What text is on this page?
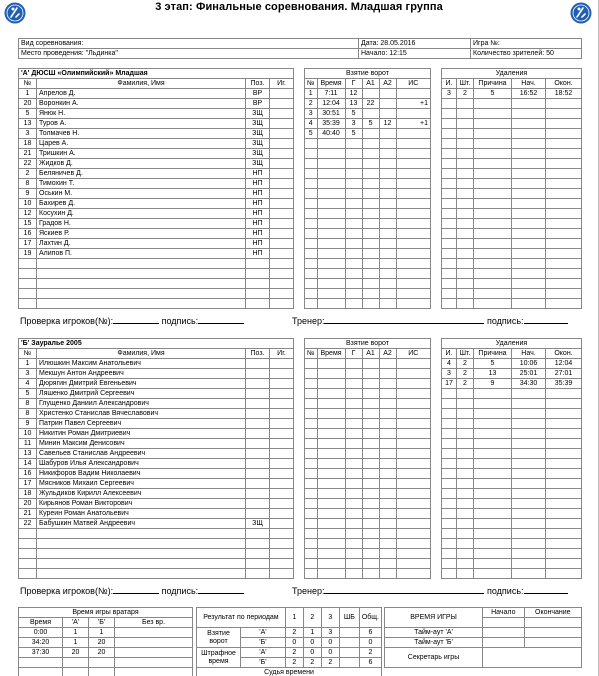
3 этап: Финальные соревнования. Младшая группа
Вид соревнования:	Дата: 28.05.2016	Игра №:
Место проведения: "Льдинка"	Начало: 12:15	Количество зрителей: 50
'А' ДЮСШ «Олимпийский» Младшая			
№	Фамилия, Имя	Поз.	Иг.
1	Апрелов Д.	ВР	
20	Воронкин А.	ВР	
5	Янюк Н.	ЗЩ	
13	Туров А.	ЗЩ	
3	Толмачев Н.	ЗЩ	
18	Царев А.	ЗЩ	
21	Тришкин А.	ЗЩ	
22	Жидков Д.	ЗЩ	
2	Беляничев Д.	НП	
8	Тимохин Т.	НП	
9	Оськин М.	НП	
10	Бахирев Д.	НП	
12	Косухин Д.	НП	
15	Градов Н.	НП	
16	Яскиев Р.	НП	
17	Лахтин Д.	НП	
19	Алипов П.	НП	

Взятие ворот					
№	Время	Г	А1	А2	ИС
1	7:11	12			
2	12:04	13	22		+1
3	30:51	5			
4	35:39	3	5	12	+1
5	40:40	5			

Удаления				
И.	Шт.	Причина	Нач.	Окон.
3	2	5	16:52	18:52

Проверка игроков(№):	подпись:	Тренер:	подпись:
'Б' Зауралье 2005			
№	Фамилия, Имя	Поз.	Иг.
1	Илюшкин Максим Анатольевич		
3	Мекшун Антон Андреевич		
4	Дюрягин Дмитрий Евгеньевич		
5	Ляшенко Дмитрий Сергеевич		
8	Глущенко Даниил Александрович		
8	Христенко Станислав Вячеславович		
9	Патрин Павел Сергеевич		
10	Никитин Роман Дмитриевич		
11	Минин Максим Денисович		
13	Савельев Станислав Андреевич		
14	Шабуров Илья Александрович		
16	Никифоров Вадим Николаевич		
17	Мясников Михаил Сергеевич		
18	Жульдиков Кирилл Алексеевич		
20	Кирьянов Роман Викторович		
21	Куреин Роман Анатольевич		
22	Бабушкин Матвей Андреевич	ЗЩ	

Взятие ворот					
№	Время	Г	А1	А2	ИС

Удаления				
И.	Шт.	Причина	Нач.	Окон.
4	2	5	10:06	12:04
3	2	13	25:01	27:01
17	2	9	34:30	35:39

Проверка игроков(№):	подпись:	Тренер:	подпись:
Время игры вратаря			
Время	'А'	'Б'	Без вр.
0:00	1	1	
34:20	1	20	
37:30	20	20	

Результат по периодам		1	2	3	ШБ	Общ.
Взятие
ворот	'А'	2	1	3		6
	'Б'	0	0	0		0
Штрафное
время	'А'	2	0	0		2
	'Б'	2	2	2		6
Судья времени						
ВРЕМЯ ИГРЫ	Начало	Окончание

Тайм-аут 'А'		
Тайм-аут 'Б'		
Секретарь игры		
